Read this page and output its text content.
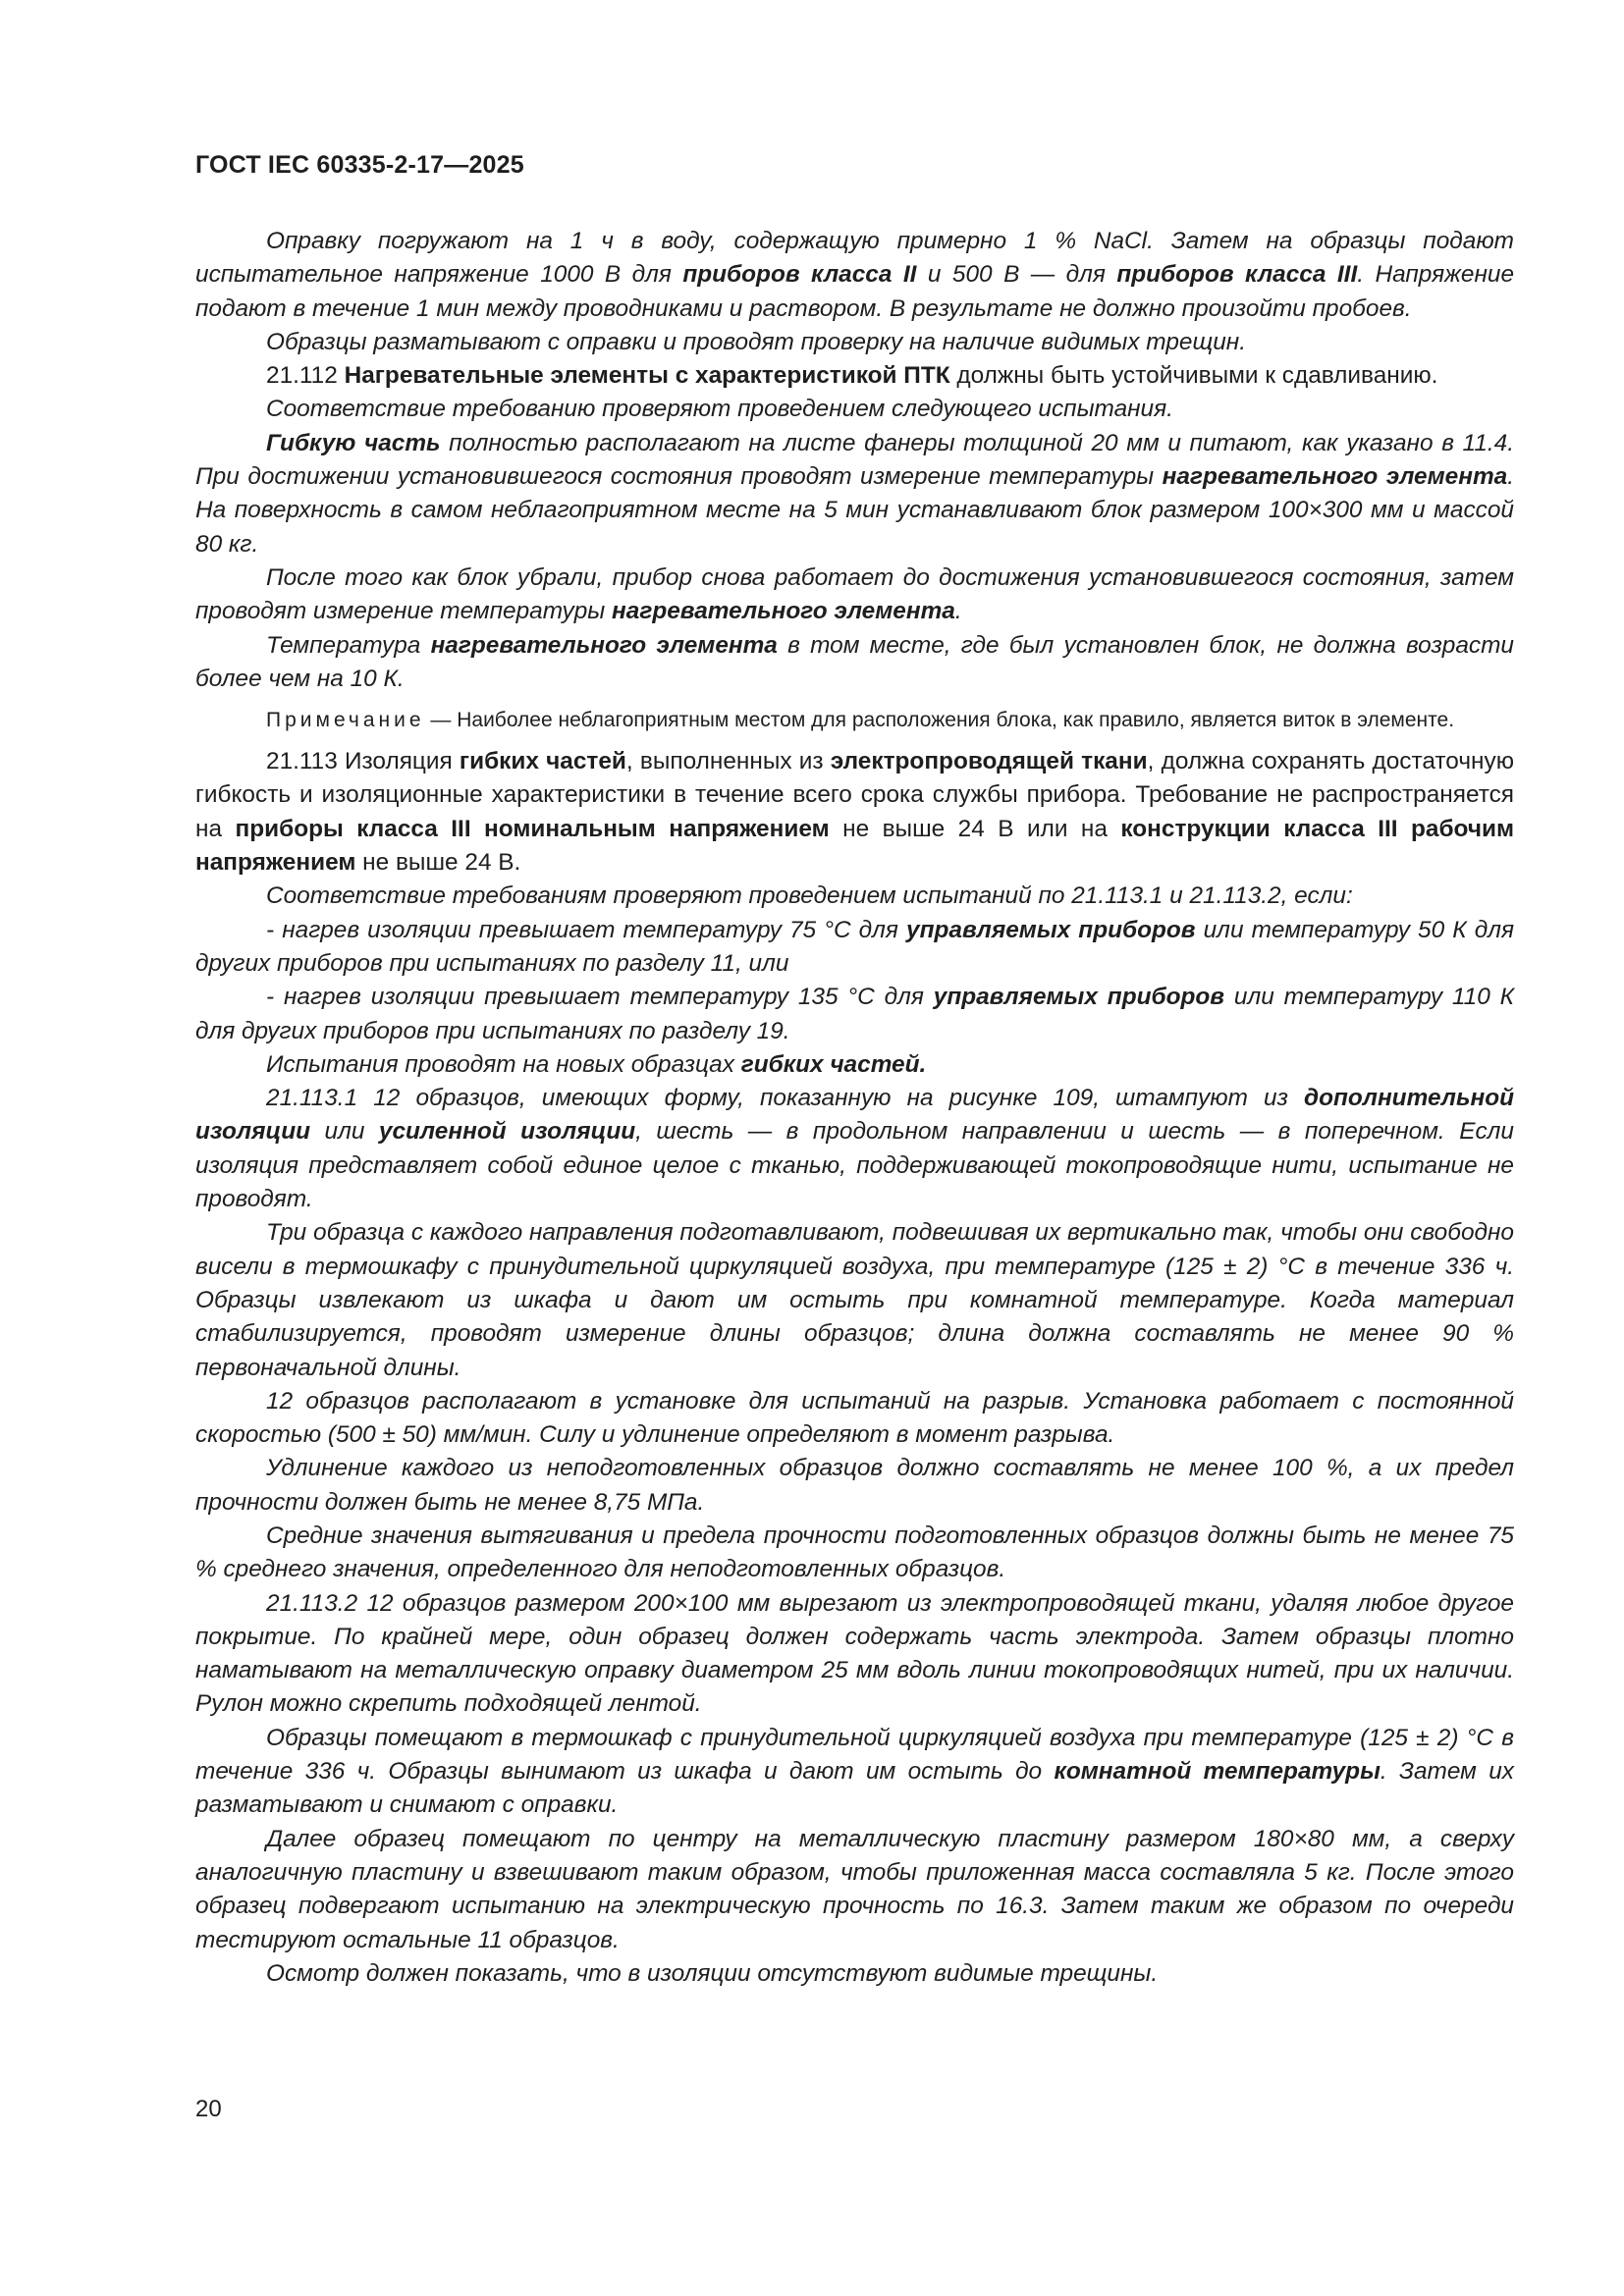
ГОСТ IEC 60335-2-17—2025

Оправку погружают на 1 ч в воду, содержащую примерно 1 % NaCl. Затем на образцы подают испытательное напряжение 1000 В для приборов класса II и 500 В — для приборов класса III. Напряжение подают в течение 1 мин между проводниками и раствором. В результате не должно произойти пробоев.

Образцы разматывают с оправки и проводят проверку на наличие видимых трещин.

21.112 Нагревательные элементы с характеристикой ПТК должны быть устойчивыми к сдавливанию.

Соответствие требованию проверяют проведением следующего испытания.

Гибкую часть полностью располагают на листе фанеры толщиной 20 мм и питают, как указано в 11.4. При достижении установившегося состояния проводят измерение температуры нагревательного элемента. На поверхность в самом неблагоприятном месте на 5 мин устанавливают блок размером 100×300 мм и массой 80 кг.

После того как блок убрали, прибор снова работает до достижения установившегося состояния, затем проводят измерение температуры нагревательного элемента.

Температура нагревательного элемента в том месте, где был установлен блок, не должна возрасти более чем на 10 К.

Примечание — Наиболее неблагоприятным местом для расположения блока, как правило, является виток в элементе.

21.113 Изоляция гибких частей, выполненных из электропроводящей ткани, должна сохранять достаточную гибкость и изоляционные характеристики в течение всего срока службы прибора. Требование не распространяется на приборы класса III номинальным напряжением не выше 24 В или на конструкции класса III рабочим напряжением не выше 24 В.

Соответствие требованиям проверяют проведением испытаний по 21.113.1 и 21.113.2, если:

- нагрев изоляции превышает температуру 75 °С для управляемых приборов или температуру 50 К для других приборов при испытаниях по разделу 11, или

- нагрев изоляции превышает температуру 135 °С для управляемых приборов или температуру 110 К для других приборов при испытаниях по разделу 19.

Испытания проводят на новых образцах гибких частей.

21.113.1 12 образцов, имеющих форму, показанную на рисунке 109, штампуют из дополнительной изоляции или усиленной изоляции, шесть — в продольном направлении и шесть — в поперечном. Если изоляция представляет собой единое целое с тканью, поддерживающей токопроводящие нити, испытание не проводят.

Три образца с каждого направления подготавливают, подвешивая их вертикально так, чтобы они свободно висели в термошкафу с принудительной циркуляцией воздуха, при температуре (125 ± 2) °С в течение 336 ч. Образцы извлекают из шкафа и дают им остыть при комнатной температуре. Когда материал стабилизируется, проводят измерение длины образцов; длина должна составлять не менее 90 % первоначальной длины.

12 образцов располагают в установке для испытаний на разрыв. Установка работает с постоянной скоростью (500 ± 50) мм/мин. Силу и удлинение определяют в момент разрыва.

Удлинение каждого из неподготовленных образцов должно составлять не менее 100 %, а их предел прочности должен быть не менее 8,75 МПа.

Средние значения вытягивания и предела прочности подготовленных образцов должны быть не менее 75 % среднего значения, определенного для неподготовленных образцов.

21.113.2 12 образцов размером 200×100 мм вырезают из электропроводящей ткани, удаляя любое другое покрытие. По крайней мере, один образец должен содержать часть электрода. Затем образцы плотно наматывают на металлическую оправку диаметром 25 мм вдоль линии токопроводящих нитей, при их наличии. Рулон можно скрепить подходящей лентой.

Образцы помещают в термошкаф с принудительной циркуляцией воздуха при температуре (125 ± 2) °С в течение 336 ч. Образцы вынимают из шкафа и дают им остыть до комнатной температуры. Затем их разматывают и снимают с оправки.

Далее образец помещают по центру на металлическую пластину размером 180×80 мм, а сверху аналогичную пластину и взвешивают таким образом, чтобы приложенная масса составляла 5 кг. После этого образец подвергают испытанию на электрическую прочность по 16.3. Затем таким же образом по очереди тестируют остальные 11 образцов.

Осмотр должен показать, что в изоляции отсутствуют видимые трещины.

20
